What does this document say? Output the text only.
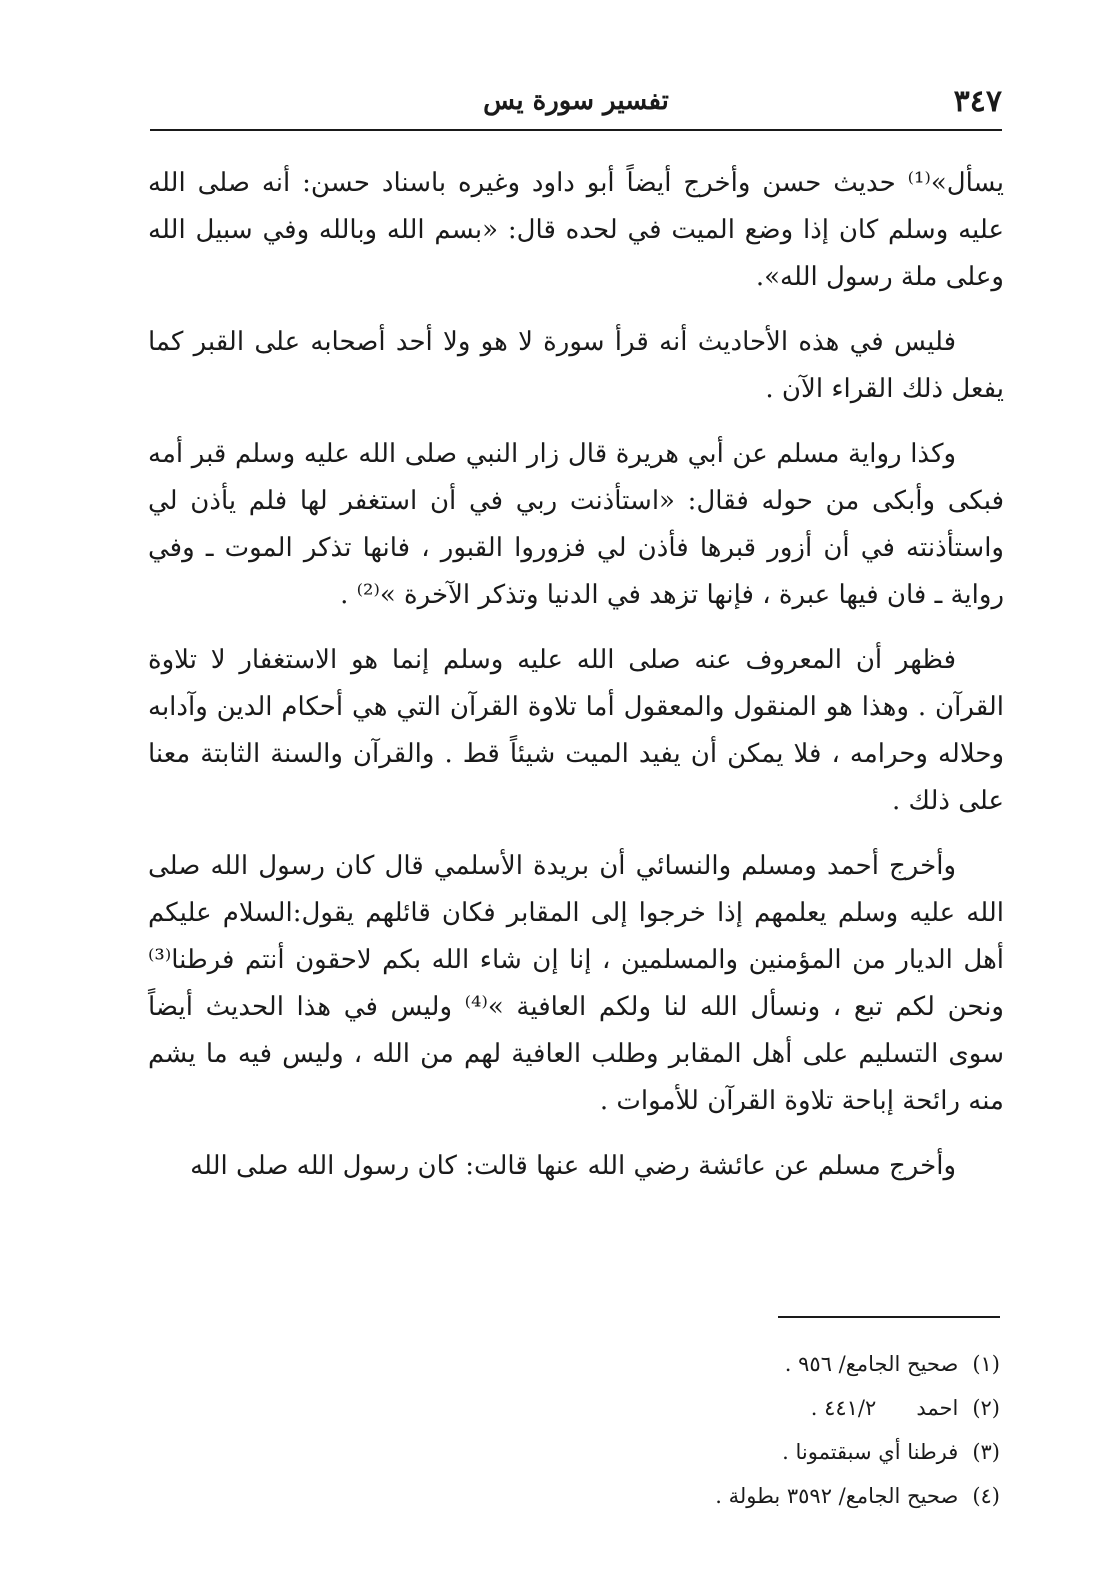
٣٤٧
تفسير سورة يس

يسأل»⁽¹⁾ حديث حسن وأخرج أيضاً أبو داود وغيره باسناد حسن: أنه صلى الله عليه وسلم كان إذا وضع الميت في لحده قال: «بسم الله وبالله وفي سبيل الله وعلى ملة رسول الله».

فليس في هذه الأحاديث أنه قرأ سورة لا هو ولا أحد أصحابه على القبر كما يفعل ذلك القراء الآن .

وكذا رواية مسلم عن أبي هريرة قال زار النبي صلى الله عليه وسلم قبر أمه فبكى وأبكى من حوله فقال: «استأذنت ربي في أن استغفر لها فلم يأذن لي واستأذنته في أن أزور قبرها فأذن لي فزوروا القبور ، فانها تذكر الموت ـ وفي رواية ـ فان فيها عبرة ، فإنها تزهد في الدنيا وتذكر الآخرة »⁽²⁾ .

فظهر أن المعروف عنه صلى الله عليه وسلم إنما هو الاستغفار لا تلاوة القرآن . وهذا هو المنقول والمعقول أما تلاوة القرآن التي هي أحكام الدين وآدابه وحلاله وحرامه ، فلا يمكن أن يفيد الميت شيئاً قط . والقرآن والسنة الثابتة معنا على ذلك .

وأخرج أحمد ومسلم والنسائي أن بريدة الأسلمي قال كان رسول الله صلى الله عليه وسلم يعلمهم إذا خرجوا إلى المقابر فكان قائلهم يقول:السلام عليكم أهل الديار من المؤمنين والمسلمين ، إنا إن شاء الله بكم لاحقون أنتم فرطنا⁽³⁾ ونحن لكم تبع ، ونسأل الله لنا ولكم العافية »⁽⁴⁾ وليس في هذا الحديث أيضاً سوى التسليم على أهل المقابر وطلب العافية لهم من الله ، وليس فيه ما يشم منه رائحة إباحة تلاوة القرآن للأموات .

وأخرج مسلم عن عائشة رضي الله عنها قالت: كان رسول الله صلى الله

(١)صحيح الجامع/ ٩٥٦ .
(٢)احمد      ٤٤١/٢ .
(٣)فرطنا أي سبقتمونا .
(٤)صحيح الجامع/ ٣٥٩٢ بطولة .
